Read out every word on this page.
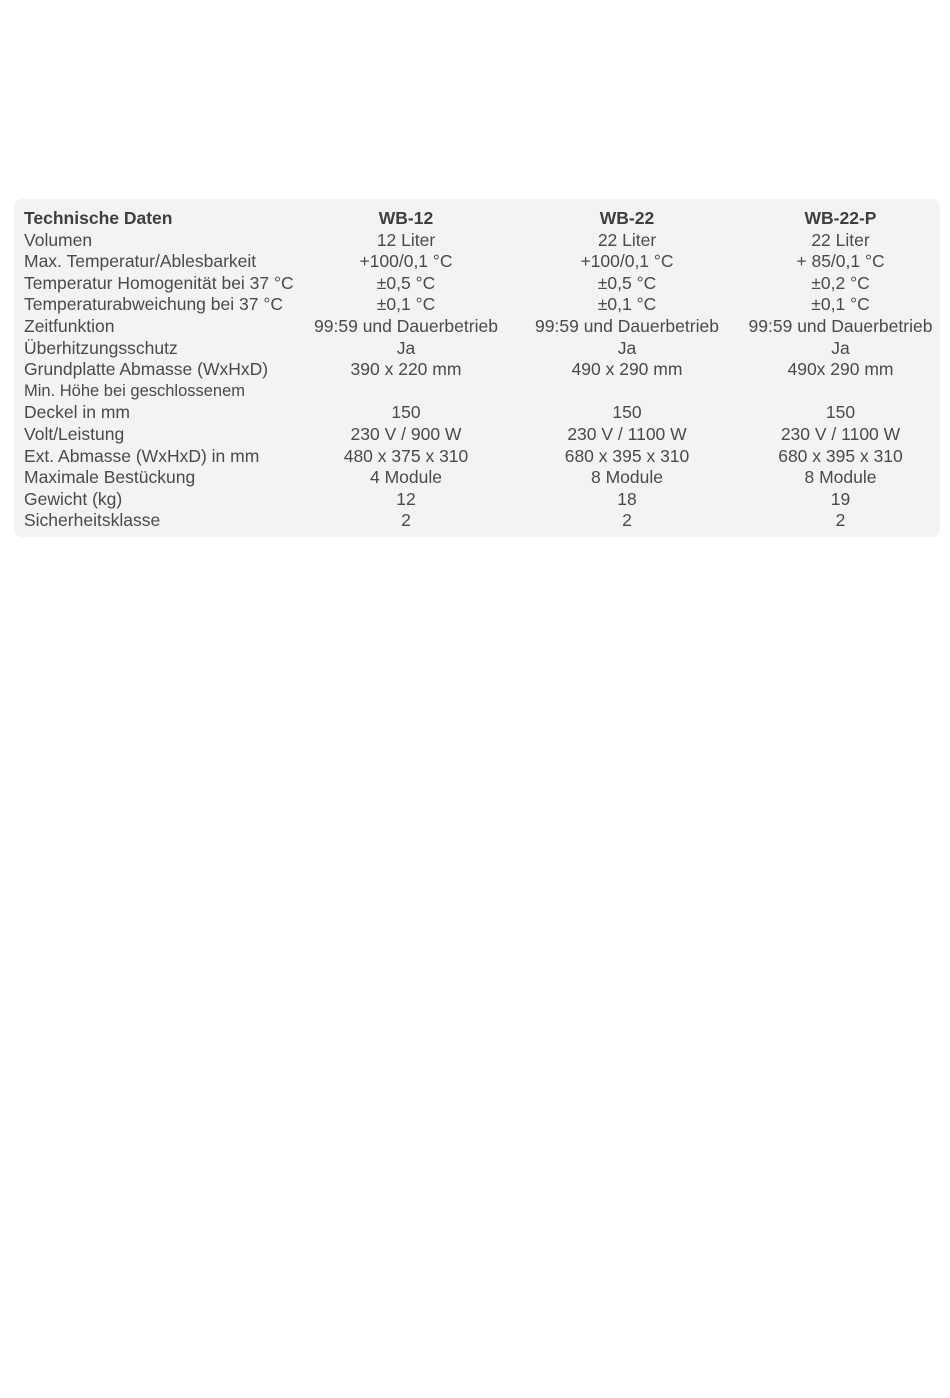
Technische Daten	WB-12	WB-22	WB-22-P
Volumen	12 Liter	22 Liter	22 Liter
Max. Temperatur/Ablesbarkeit	+100/0,1 °C	+100/0,1 °C	+ 85/0,1 °C
Temperatur Homogenität bei 37 °C	±0,5 °C	±0,5 °C	±0,2 °C
Temperaturabweichung bei 37 °C	±0,1 °C	±0,1 °C	±0,1 °C
Zeitfunktion	99:59 und Dauerbetrieb	99:59 und Dauerbetrieb	99:59 und Dauerbetrieb
Überhitzungsschutz	Ja	Ja	Ja
Grundplatte Abmasse (WxHxD)	390 x 220 mm	490 x 290 mm	490x 290 mm
Min. Höhe bei geschlossenem			
Deckel in mm	150	150	150
Volt/Leistung	230 V / 900 W	230 V / 1100 W	230 V / 1100 W
Ext. Abmasse (WxHxD) in mm	480 x 375 x 310	680 x 395 x 310	680 x 395 x 310
Maximale Bestückung	4 Module	8 Module	8 Module
Gewicht (kg)	12	18	19
Sicherheitsklasse	2	2	2
